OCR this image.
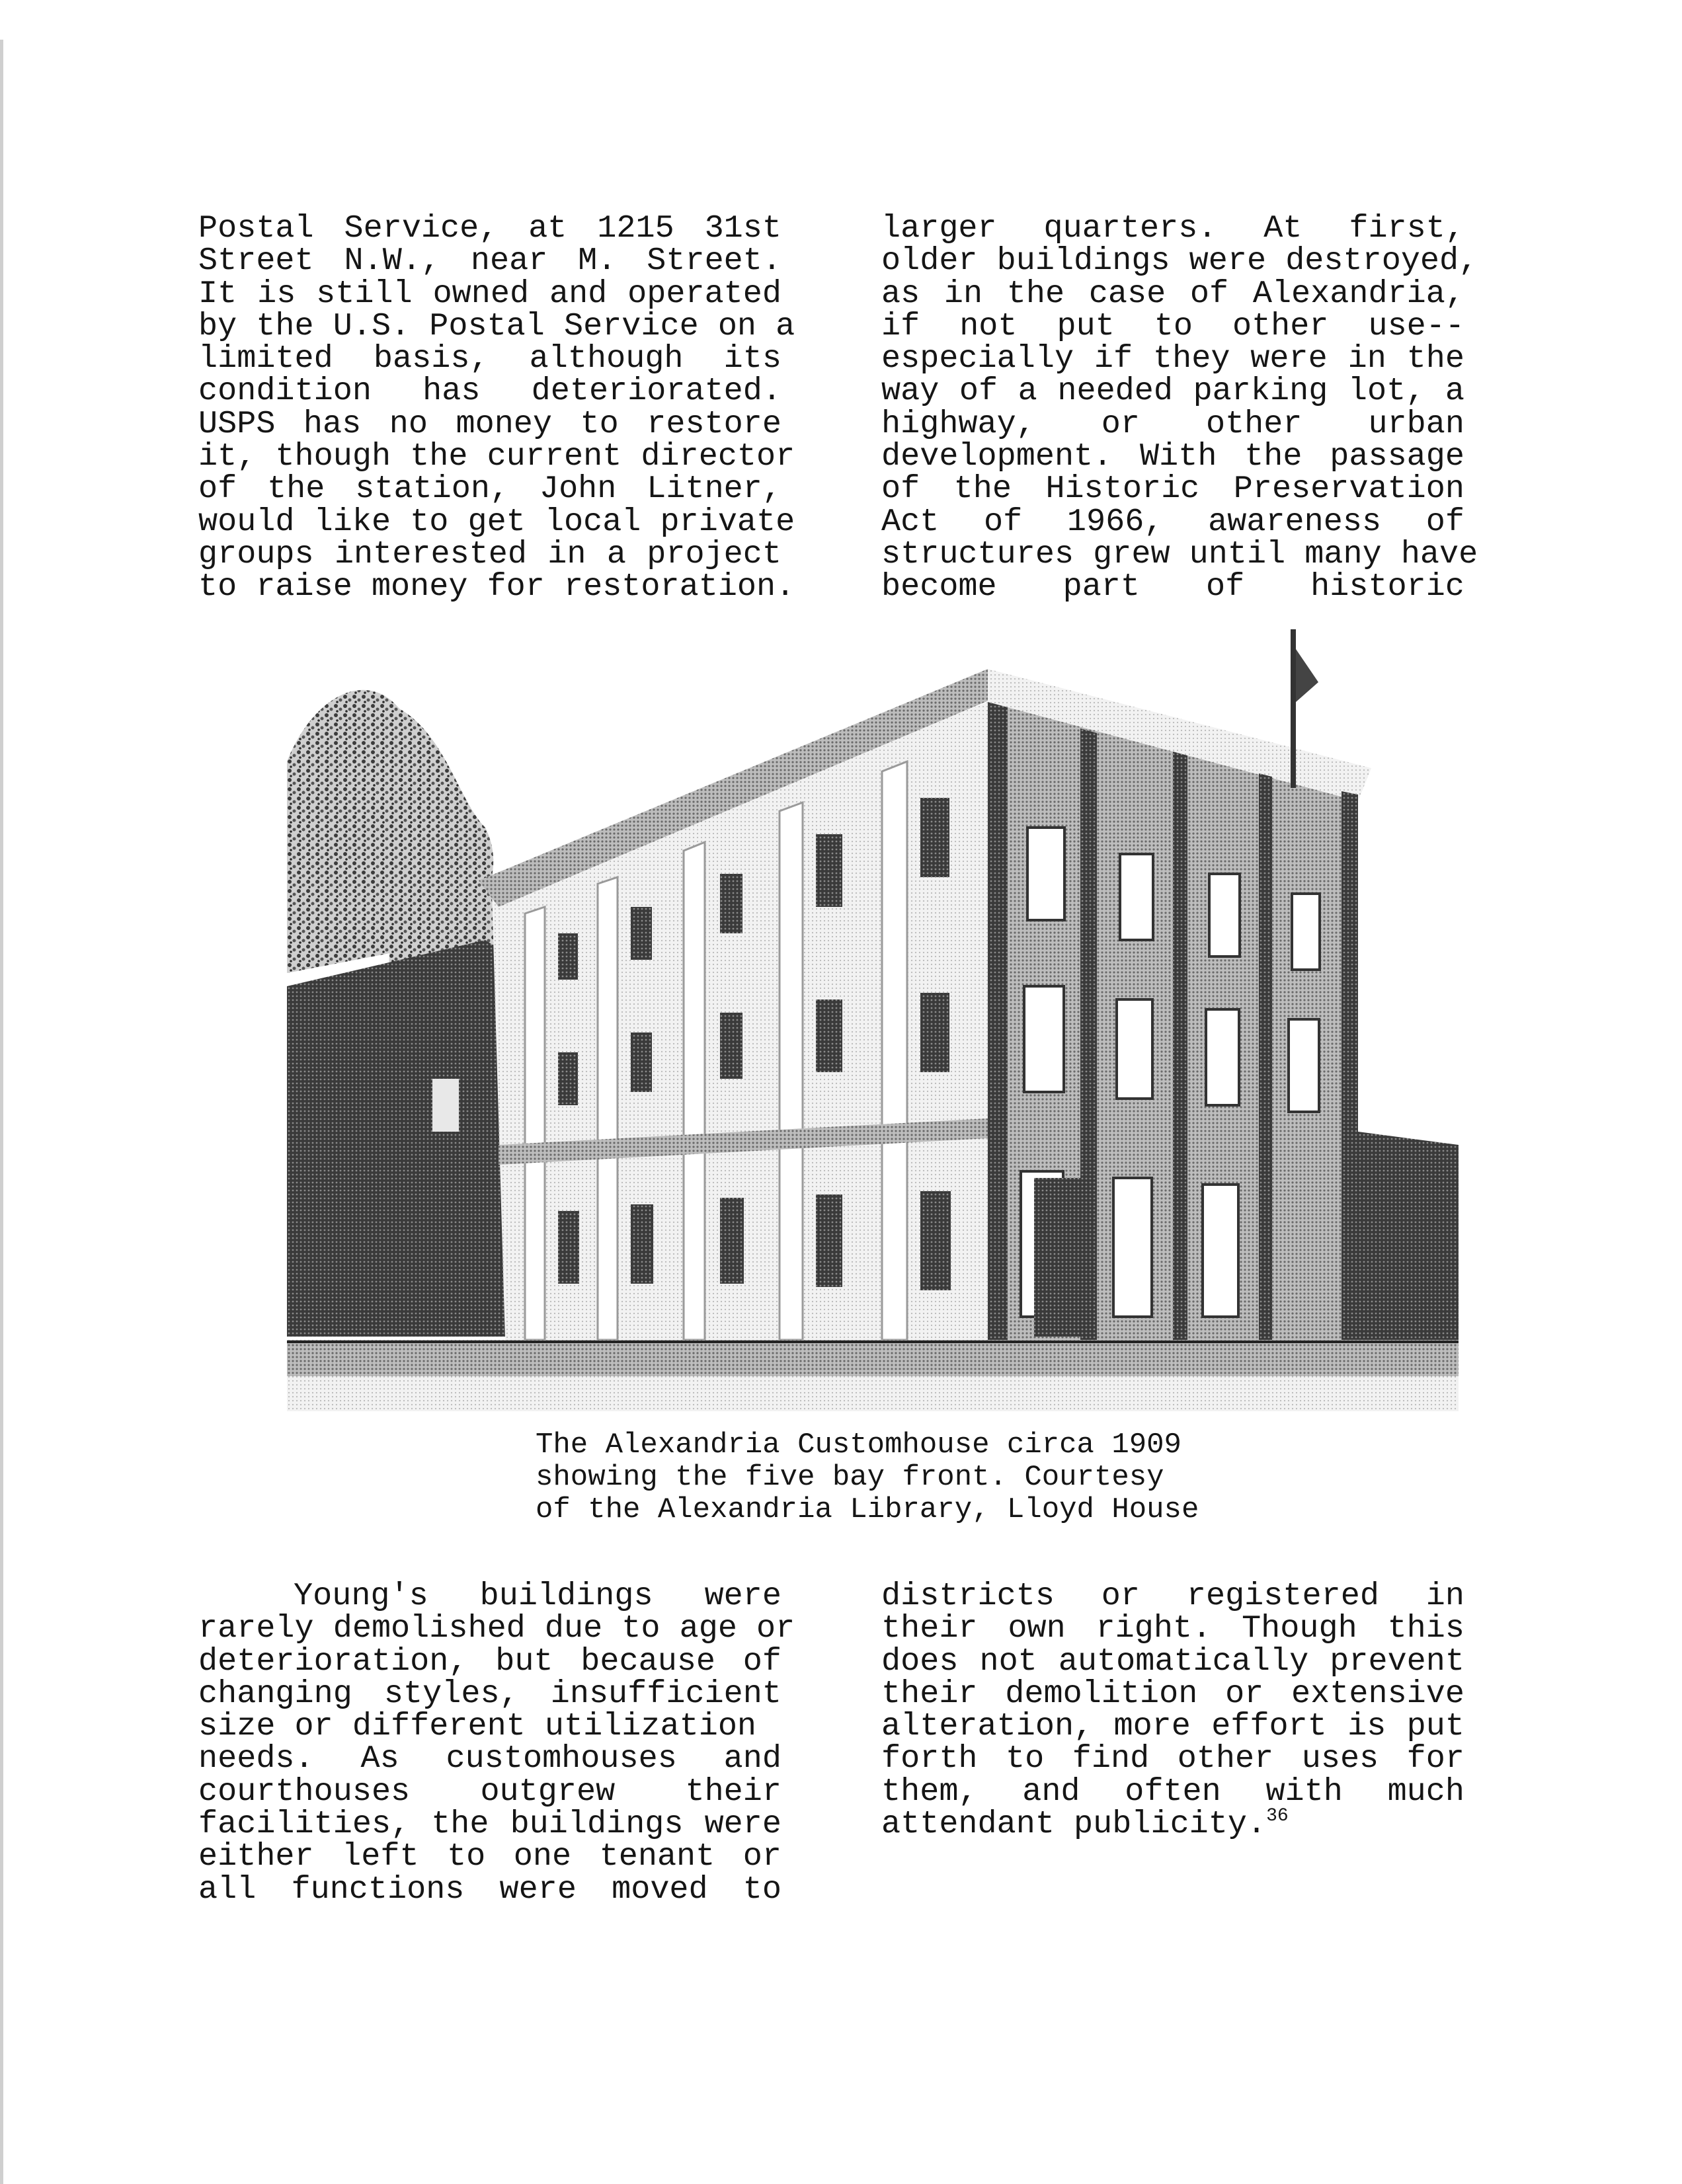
Postal Service, at 1215 31st
Street N.W., near M. Street.
It is still owned and operated
by the U.S. Postal Service on a
limited basis, although its
condition has deteriorated.
USPS has no money to restore
it, though the current director
of the station, John Litner,
would like to get local private
groups interested in a project
to raise money for restoration.
larger quarters. At first,
older buildings were destroyed,
as in the case of Alexandria,
if not put to other use--
especially if they were in the
way of a needed parking lot, a
highway, or other urban
development. With the passage
of the Historic Preservation
Act of 1966, awareness of
structures grew until many have
become part of historic
The Alexandria Customhouse circa 1909
showing the five bay front. Courtesy
of the Alexandria Library, Lloyd House
Young's buildings were
rarely demolished due to age or
deterioration, but because of
changing styles, insufficient
size or different utilization
needs. As customhouses and
courthouses outgrew their
facilities, the buildings were
either left to one tenant or
all functions were moved to
districts or registered in
their own right. Though this
does not automatically prevent
their demolition or extensive
alteration, more effort is put
forth to find other uses for
them, and often with much
attendant publicity.$^{36}$
